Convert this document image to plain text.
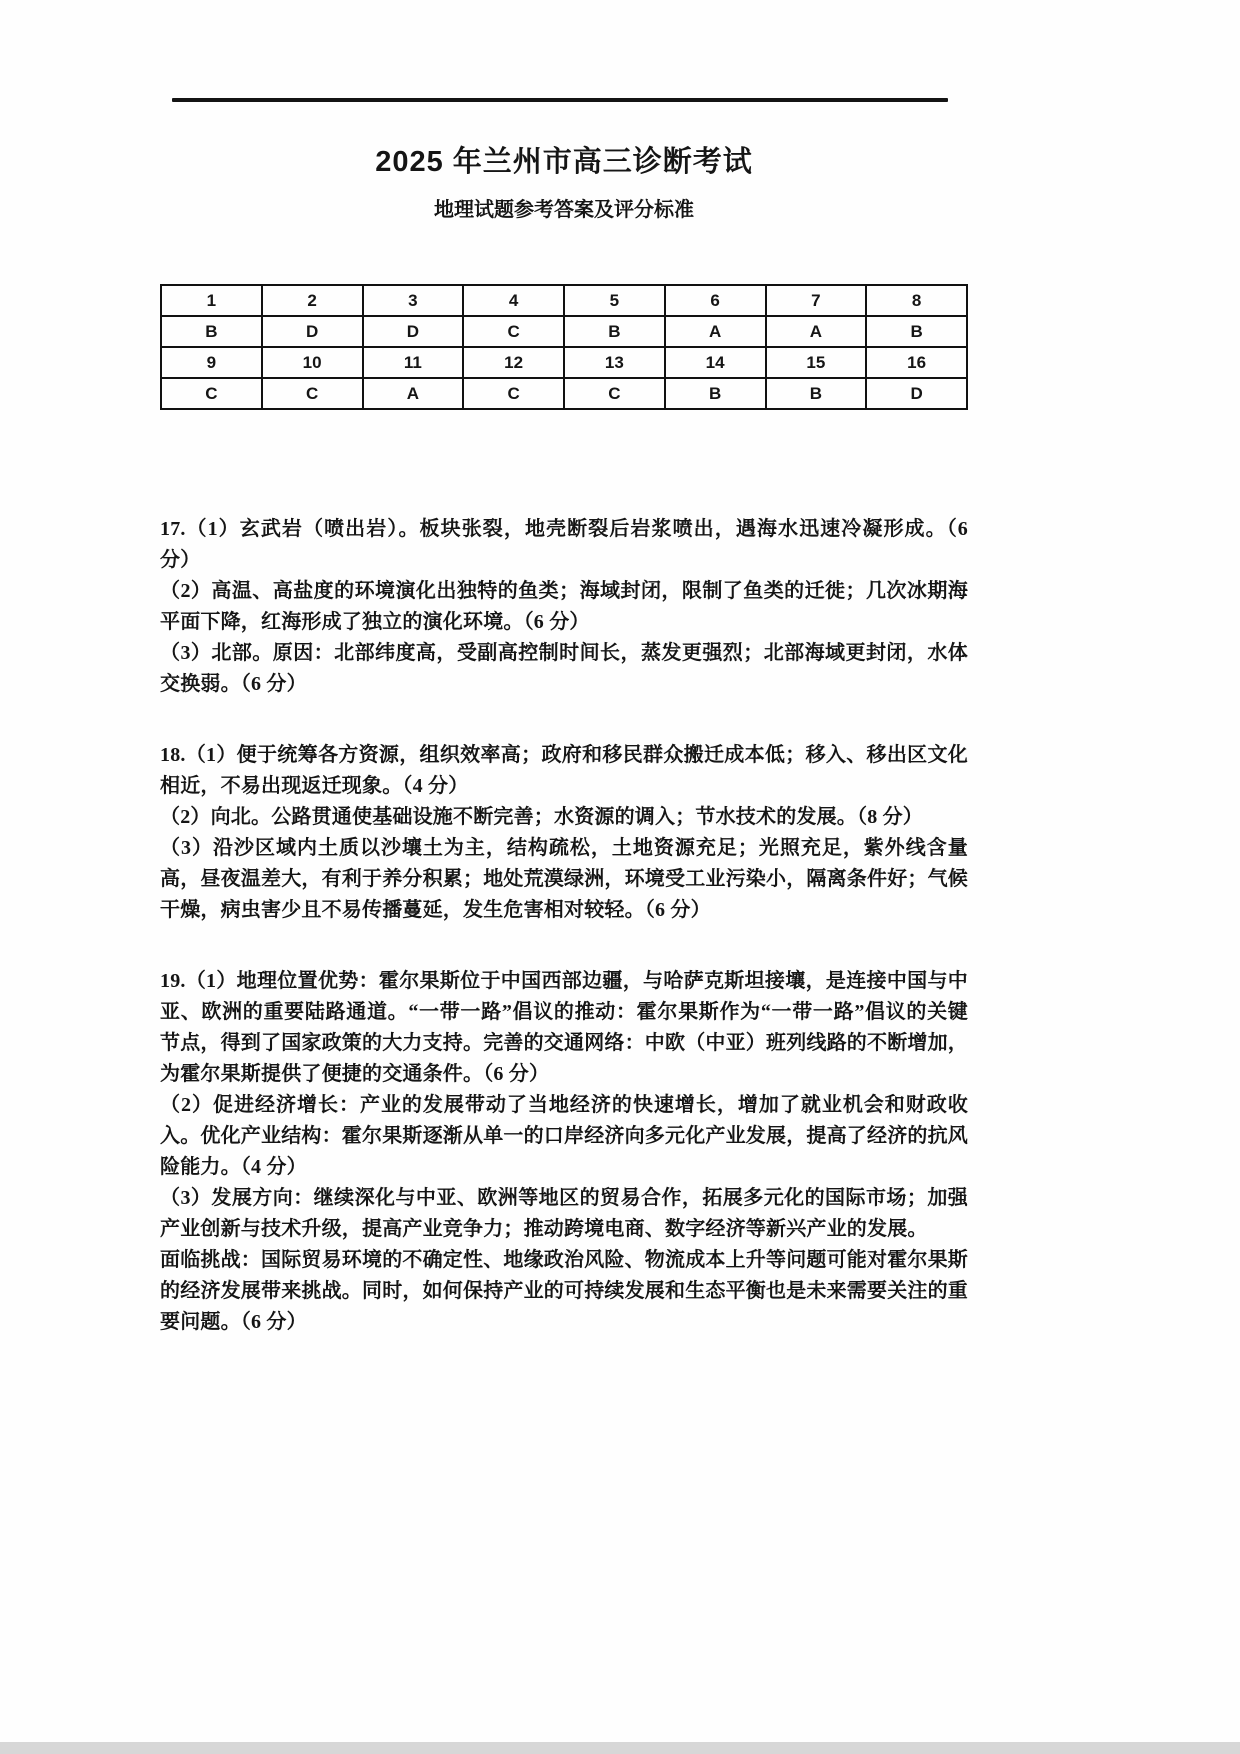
2025 年兰州市高三诊断考试
地理试题参考答案及评分标准
1	2	3	4	5	6	7	8
B	D	D	C	B	A	A	B
9	10	11	12	13	14	15	16
C	C	A	C	C	B	B	D

17.（1）玄武岩（喷出岩）。板块张裂，地壳断裂后岩浆喷出，遇海水迅速冷凝形成。（6 分）

（2）高温、高盐度的环境演化出独特的鱼类；海域封闭，限制了鱼类的迁徙；几次冰期海平面下降，红海形成了独立的演化环境。（6 分）

（3）北部。原因：北部纬度高，受副高控制时间长，蒸发更强烈；北部海域更封闭，水体交换弱。（6 分）

18.（1）便于统筹各方资源，组织效率高；政府和移民群众搬迁成本低；移入、移出区文化相近，不易出现返迁现象。（4 分）

（2）向北。公路贯通使基础设施不断完善；水资源的调入；节水技术的发展。（8 分）

（3）沿沙区域内土质以沙壤土为主，结构疏松，土地资源充足；光照充足，紫外线含量高，昼夜温差大，有利于养分积累；地处荒漠绿洲，环境受工业污染小，隔离条件好；气候干燥，病虫害少且不易传播蔓延，发生危害相对较轻。（6 分）

19.（1）地理位置优势：霍尔果斯位于中国西部边疆，与哈萨克斯坦接壤，是连接中国与中亚、欧洲的重要陆路通道。“一带一路”倡议的推动：霍尔果斯作为“一带一路”倡议的关键节点，得到了国家政策的大力支持。完善的交通网络：中欧（中亚）班列线路的不断增加，为霍尔果斯提供了便捷的交通条件。（6 分）

（2）促进经济增长：产业的发展带动了当地经济的快速增长，增加了就业机会和财政收入。优化产业结构：霍尔果斯逐渐从单一的口岸经济向多元化产业发展，提高了经济的抗风险能力。（4 分）

（3）发展方向：继续深化与中亚、欧洲等地区的贸易合作，拓展多元化的国际市场；加强产业创新与技术升级，提高产业竞争力；推动跨境电商、数字经济等新兴产业的发展。

面临挑战：国际贸易环境的不确定性、地缘政治风险、物流成本上升等问题可能对霍尔果斯的经济发展带来挑战。同时，如何保持产业的可持续发展和生态平衡也是未来需要关注的重要问题。（6 分）
